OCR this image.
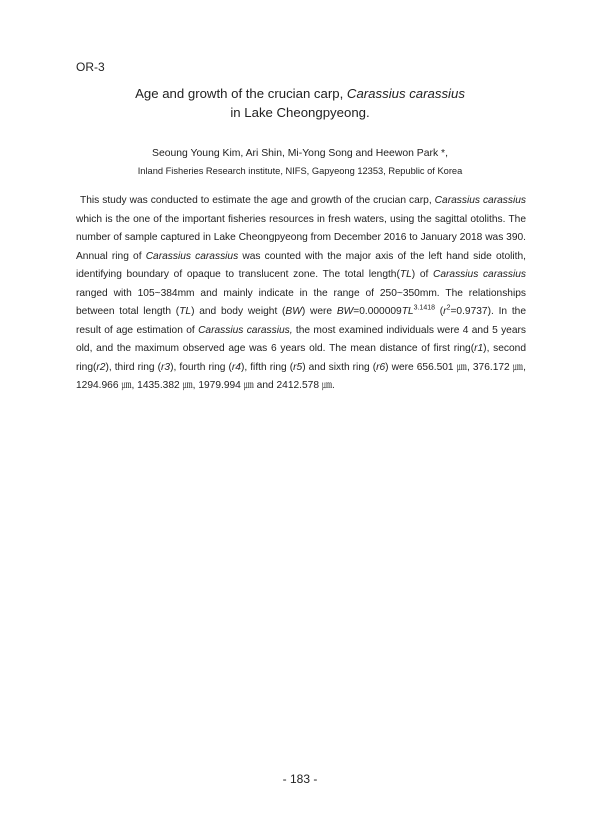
OR-3
Age and growth of the crucian carp, Carassius carassius
in Lake Cheongpyeong.
Seoung Young Kim, Ari Shin, Mi-Yong Song and Heewon Park *,
Inland Fisheries Research institute, NIFS, Gapyeong 12353, Republic of Korea

This study was conducted to estimate the age and growth of the crucian carp, Carassius carassius which is the one of the important fisheries resources in fresh waters, using the sagittal otoliths. The number of sample captured in Lake Cheongpyeong from December 2016 to January 2018 was 390. Annual ring of Carassius carassius was counted with the major axis of the left hand side otolith, identifying boundary of opaque to translucent zone. The total length(TL) of Carassius carassius ranged with 105~384mm and mainly indicate in the range of 250~350mm. The relationships between total length (TL) and body weight (BW) were $BW=0.000009TL^{3.1418}$ $(r^2=0.9737)$. In the result of age estimation of Carassius carassius, the most examined individuals were 4 and 5 years old, and the maximum observed age was 6 years old. The mean distance of first ring(r1), second ring(r2), third ring (r3), fourth ring (r4), fifth ring (r5) and sixth ring (r6) were 656.501 ㎛, 376.172 ㎛, 1294.966 ㎛, 1435.382 ㎛, 1979.994 ㎛ and 2412.578 ㎛.

- 183 -
